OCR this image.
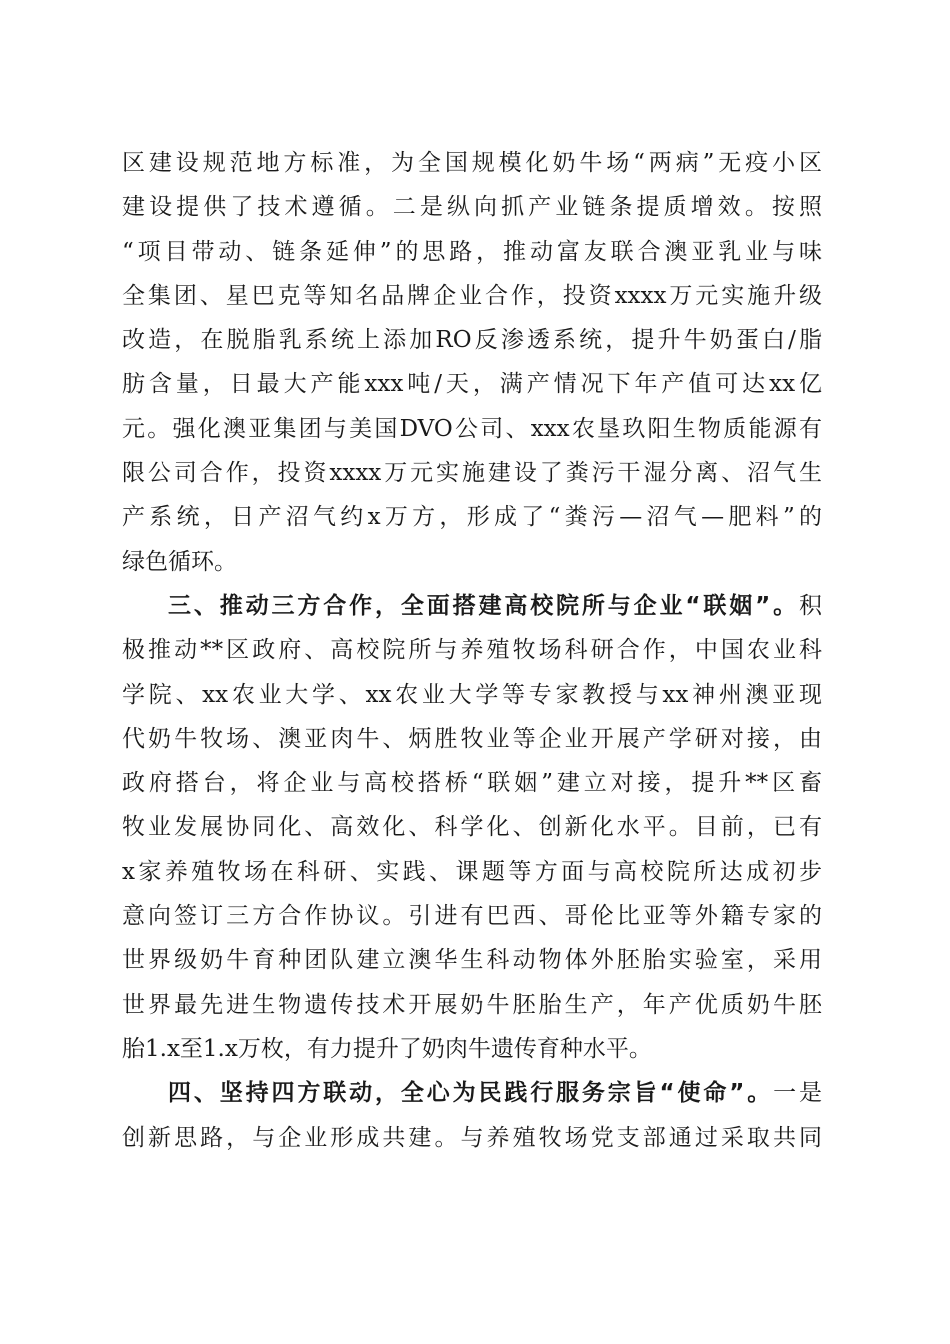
区建设规范地方标准，为全国规模化奶牛场“两病”无疫小区
建设提供了技术遵循。二是纵向抓产业链条提质增效。按照
“项目带动、链条延伸”的思路，推动富友联合澳亚乳业与味
全集团、星巴克等知名品牌企业合作，投资xxxx万元实施升级
改造，在脱脂乳系统上添加RO反渗透系统，提升牛奶蛋白/脂
肪含量，日最大产能xxx吨/天，满产情况下年产值可达xx亿
元。强化澳亚集团与美国DVO公司、xxx农垦玖阳生物质能源有
限公司合作，投资xxxx万元实施建设了粪污干湿分离、沼气生
产系统，日产沼气约x万方，形成了“粪污—沼气—肥料”的
绿色循环。
三、推动三方合作，全面搭建高校院所与企业“联姻”。积
极推动**区政府、高校院所与养殖牧场科研合作，中国农业科
学院、xx农业大学、xx农业大学等专家教授与xx神州澳亚现
代奶牛牧场、澳亚肉牛、炳胜牧业等企业开展产学研对接，由
政府搭台，将企业与高校搭桥“联姻”建立对接，提升**区畜
牧业发展协同化、高效化、科学化、创新化水平。目前，已有
x家养殖牧场在科研、实践、课题等方面与高校院所达成初步
意向签订三方合作协议。引进有巴西、哥伦比亚等外籍专家的
世界级奶牛育种团队建立澳华生科动物体外胚胎实验室，采用
世界最先进生物遗传技术开展奶牛胚胎生产，年产优质奶牛胚
胎1.x至1.x万枚，有力提升了奶肉牛遗传育种水平。
四、坚持四方联动，全心为民践行服务宗旨“使命”。一是
创新思路，与企业形成共建。与养殖牧场党支部通过采取共同
